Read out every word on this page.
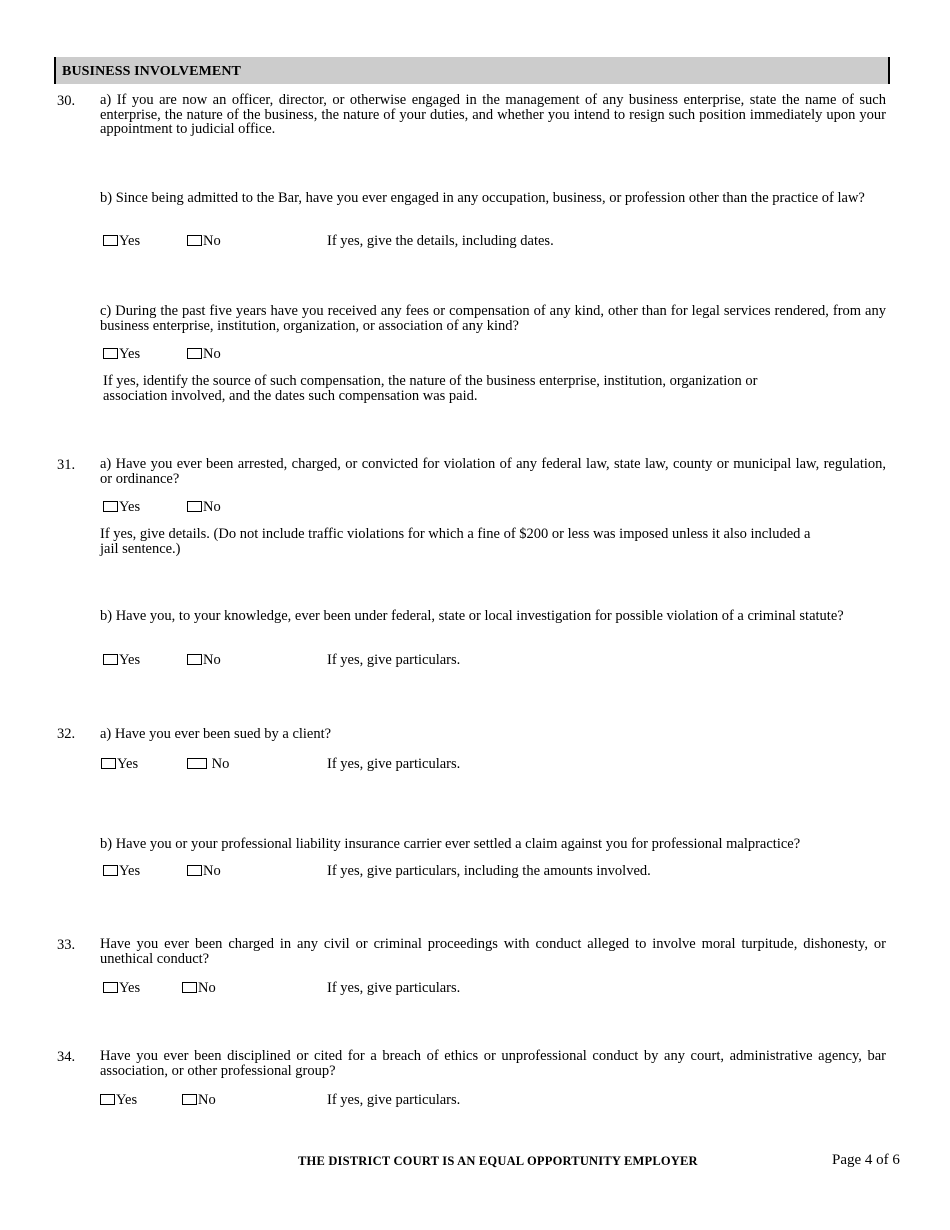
BUSINESS INVOLVEMENT
30. a) If you are now an officer, director, or otherwise engaged in the management of any business enterprise, state the name of such enterprise, the nature of the business, the nature of your duties, and whether you intend to resign such position immediately upon your appointment to judicial office.
b) Since being admitted to the Bar, have you ever engaged in any occupation, business, or profession other than the practice of law?
Yes	No	If yes, give the details, including dates.
c) During the past five years have you received any fees or compensation of any kind, other than for legal services rendered, from any business enterprise, institution, organization, or association of any kind?
Yes	No
If yes, identify the source of such compensation, the nature of the business enterprise, institution, organization or association involved, and the dates such compensation was paid.
31. a) Have you ever been arrested, charged, or convicted for violation of any federal law, state law, county or municipal law, regulation, or ordinance?
Yes	No
If yes, give details. (Do not include traffic violations for which a fine of $200 or less was imposed unless it also included a jail sentence.)
b) Have you, to your knowledge, ever been under federal, state or local investigation for possible violation of a criminal statute?
Yes	No	If yes, give particulars.
32. a) Have you ever been sued by a client?
Yes	No	If yes, give particulars.
b) Have you or your professional liability insurance carrier ever settled a claim against you for professional malpractice?
Yes	No	If yes, give particulars, including the amounts involved.
33. Have you ever been charged in any civil or criminal proceedings with conduct alleged to involve moral turpitude, dishonesty, or unethical conduct?
Yes	No	If yes, give particulars.
34. Have you ever been disciplined or cited for a breach of ethics or unprofessional conduct by any court, administrative agency, bar association, or other professional group?
Yes	No	If yes, give particulars.
THE DISTRICT COURT IS AN EQUAL OPPORTUNITY EMPLOYER	Page 4 of 6
